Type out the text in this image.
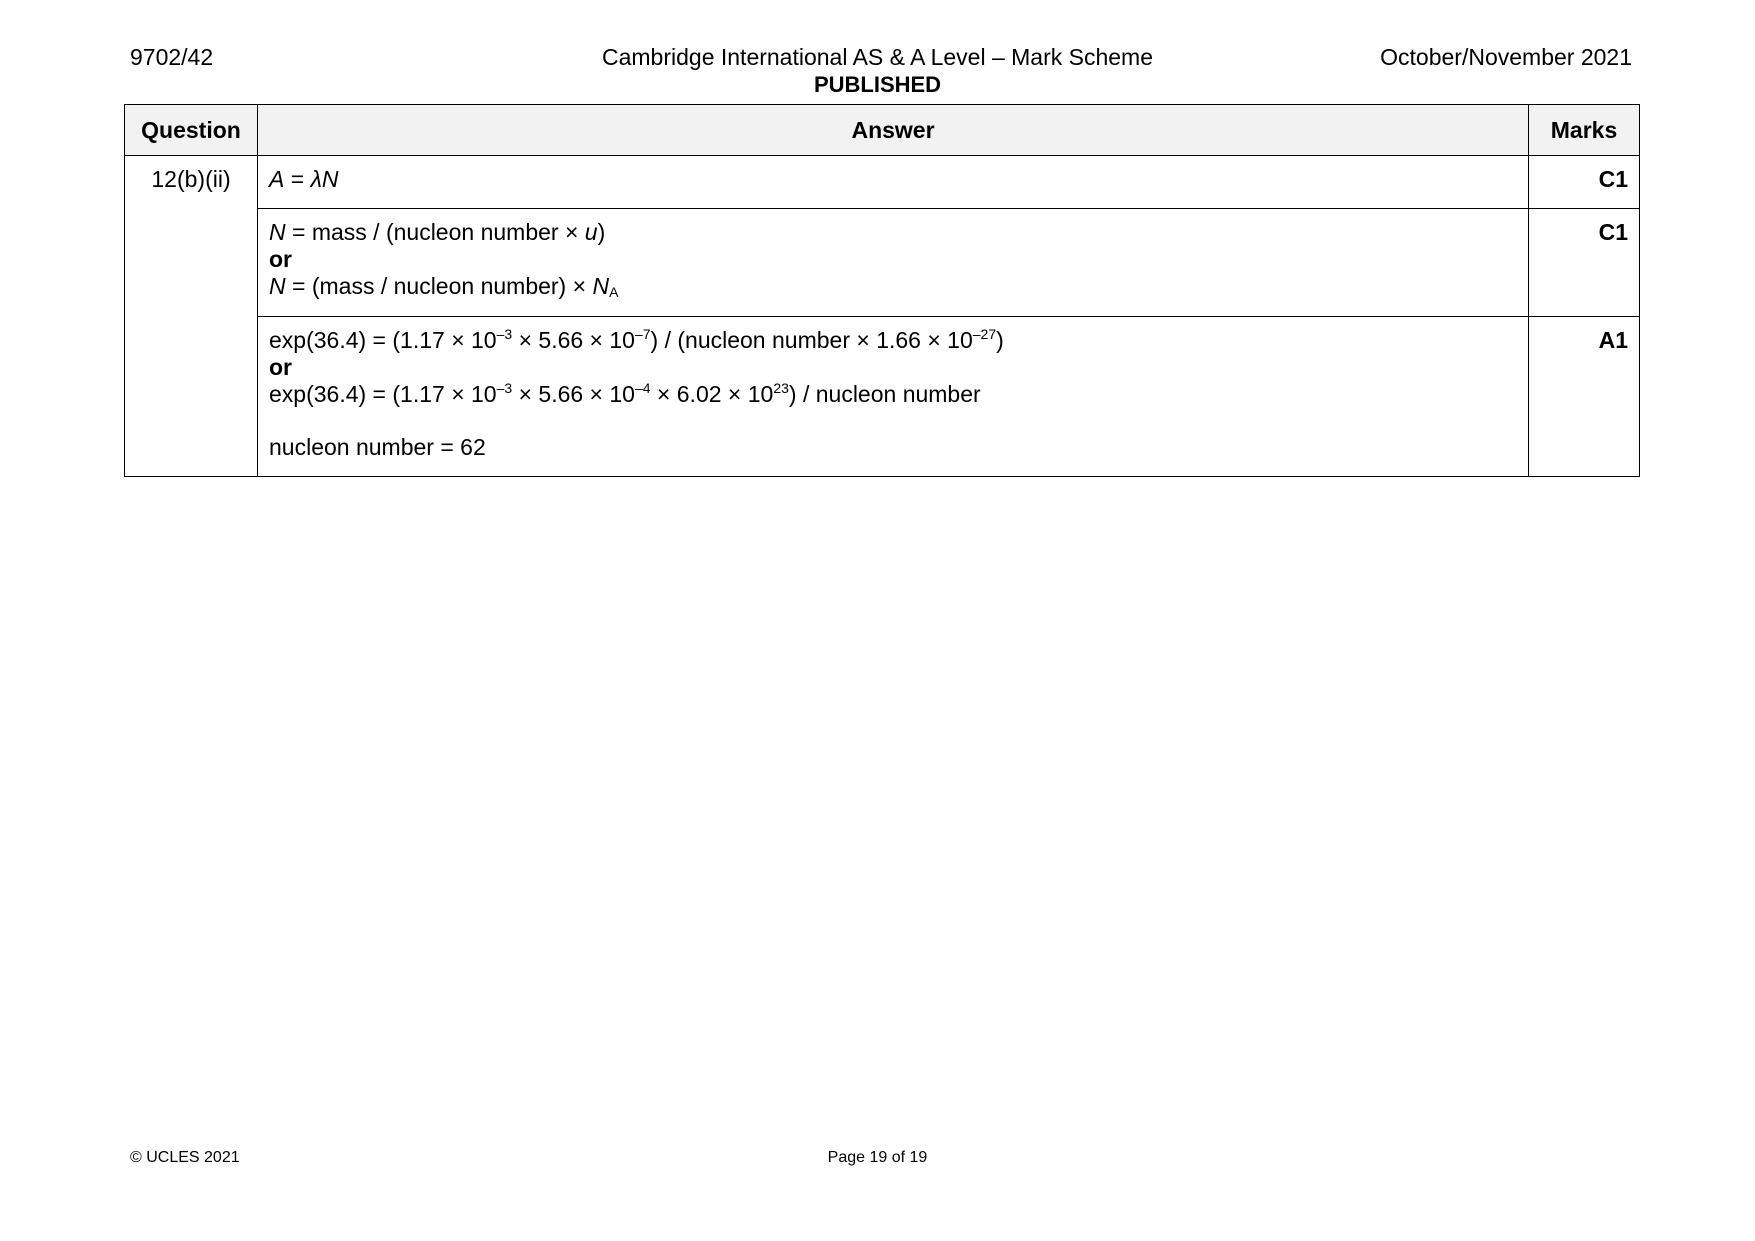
9702/42	Cambridge International AS & A Level – Mark Scheme	October/November 2021
PUBLISHED
Question	Answer	Marks
12(b)(ii)	A = λN	C1

	N = mass / (nucleon number × u)
or
N = (mass / nucleon number) × $N_A$	C1

	$\exp(36.4) = (1.17 \times 10^{-3} \times 5.66 \times 10^{-7})$ / (nucleon number × $1.66 \times 10^{-27}$)
or
$\exp(36.4) = (1.17 \times 10^{-3} \times 5.66 \times 10^{-4} \times 6.02 \times 10^{23})$ / nucleon number
nucleon number = 62	A1
© UCLES 2021	Page 19 of 19
